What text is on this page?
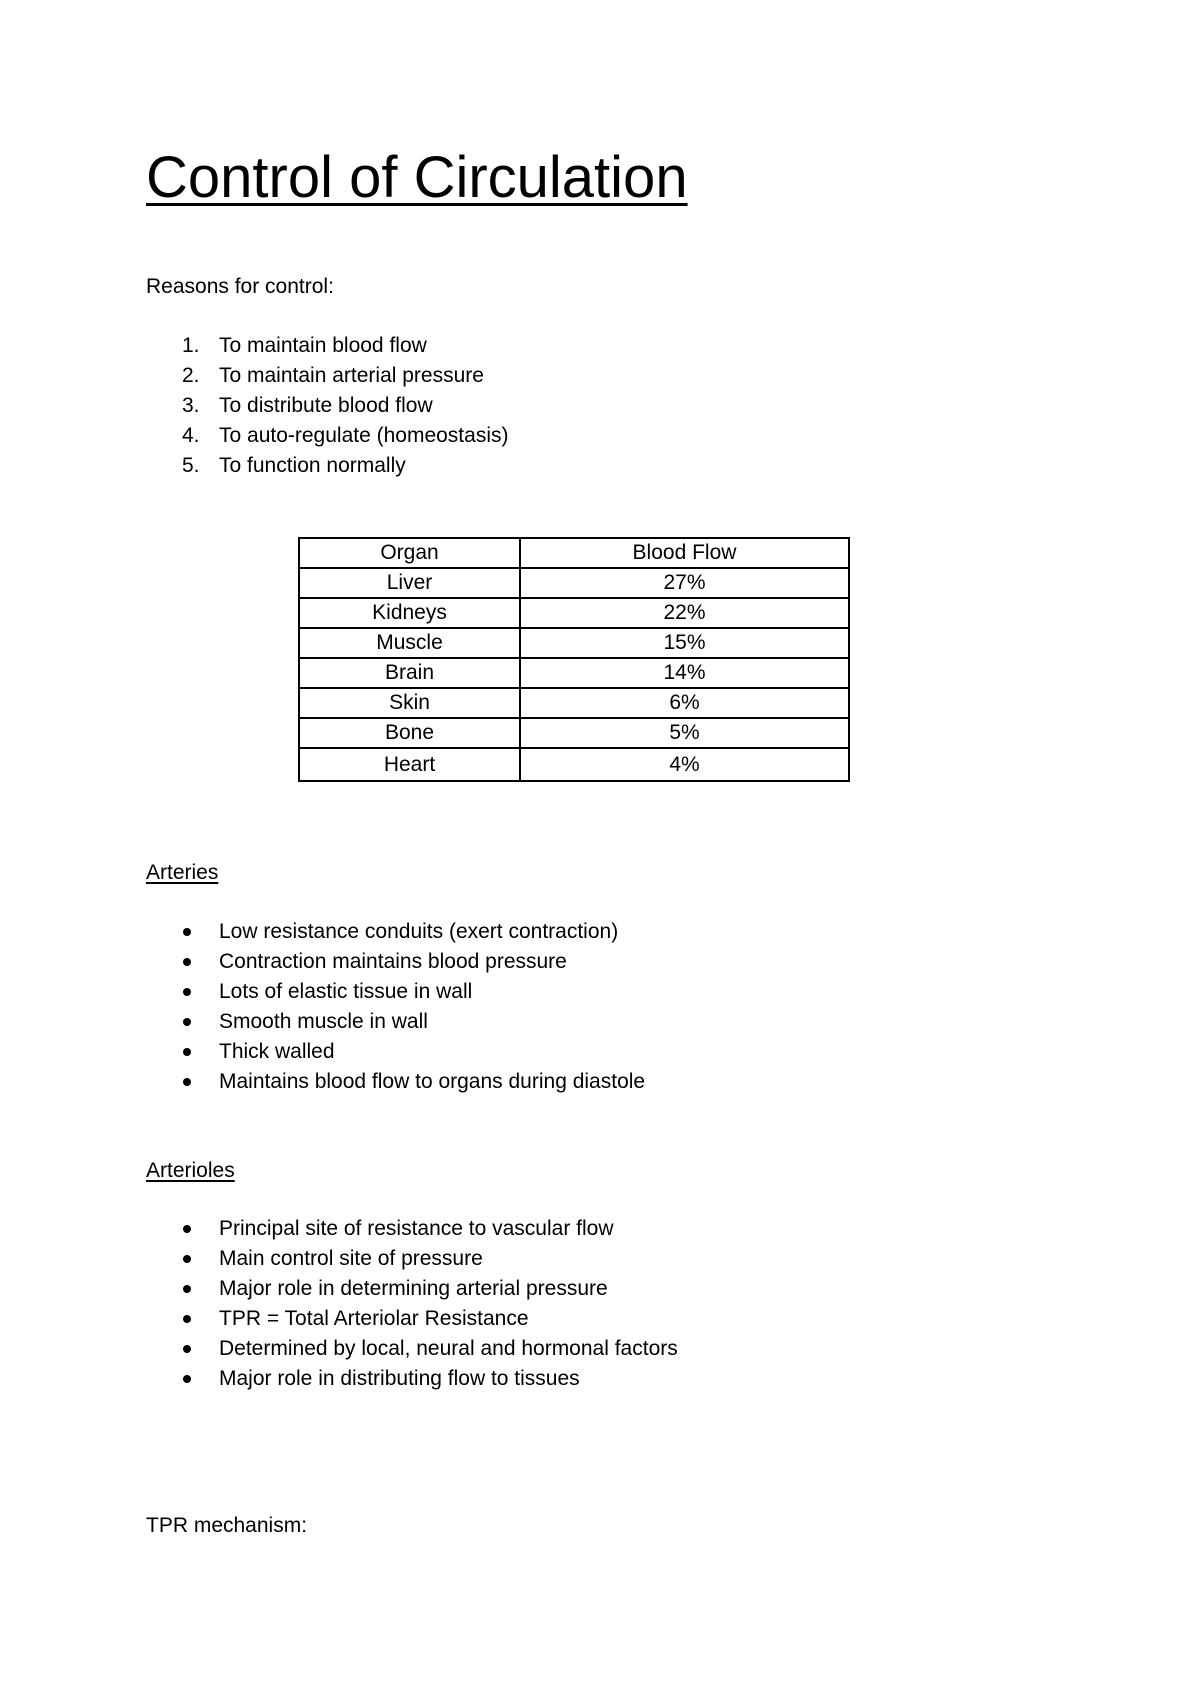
Control of Circulation

Reasons for control:

1. To maintain blood flow
2. To maintain arterial pressure
3. To distribute blood flow
4. To auto-regulate (homeostasis)
5. To function normally
Organ	Blood Flow
Liver	27%
Kidneys	22%
Muscle	15%
Brain	14%
Skin	6%
Bone	5%
Heart	4%
Arteries
Low resistance conduits (exert contraction)
Contraction maintains blood pressure
Lots of elastic tissue in wall
Smooth muscle in wall
Thick walled
Maintains blood flow to organs during diastole
Arterioles
Principal site of resistance to vascular flow
Main control site of pressure
Major role in determining arterial pressure
TPR = Total Arteriolar Resistance
Determined by local, neural and hormonal factors
Major role in distributing flow to tissues

TPR mechanism:
